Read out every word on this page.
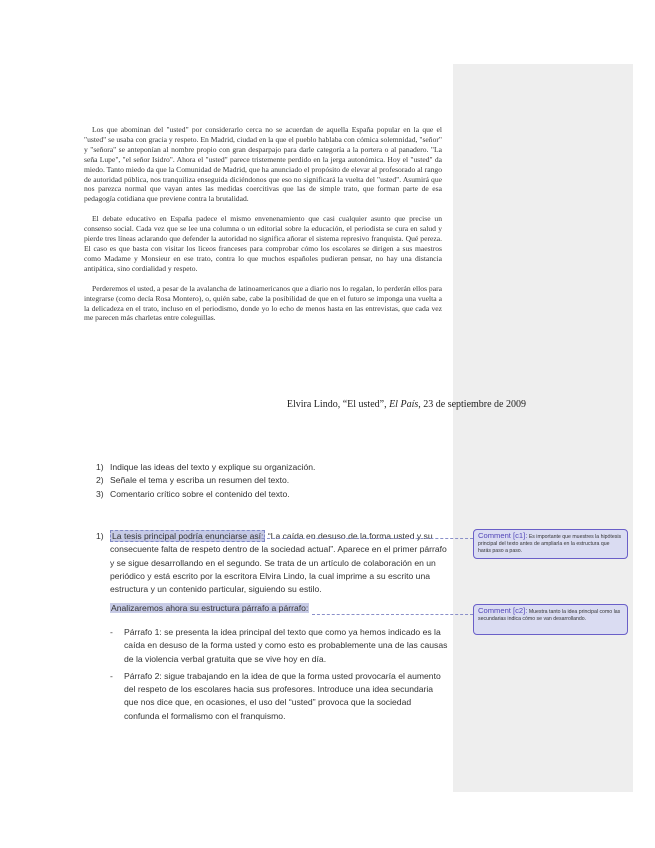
Los que abominan del "usted" por considerarlo cerca no se acuerdan de aquella España popular en la que el "usted" se usaba con gracia y respeto. En Madrid, ciudad en la que el pueblo hablaba con cómica solemnidad, "señor" y "señora" se anteponían al nombre propio con gran desparpajo para darle categoría a la portera o al panadero. "La seña Lupe", "el señor Isidro". Ahora el "usted" parece tristemente perdido en la jerga autonómica. Hoy el "usted" da miedo. Tanto miedo da que la Comunidad de Madrid, que ha anunciado el propósito de elevar al profesorado al rango de autoridad pública, nos tranquiliza enseguida diciéndonos que eso no significará la vuelta del "usted". Asumirá que nos parezca normal que vayan antes las medidas coercitivas que las de simple trato, que forman parte de esa pedagogía cotidiana que previene contra la brutalidad.

El debate educativo en España padece el mismo envenenamiento que casi cualquier asunto que precise un consenso social. Cada vez que se lee una columna o un editorial sobre la educación, el periodista se cura en salud y pierde tres líneas aclarando que defender la autoridad no significa añorar el sistema represivo franquista. Qué pereza. El caso es que basta con visitar los liceos franceses para comprobar cómo los escolares se dirigen a sus maestros como Madame y Monsieur en ese trato, contra lo que muchos españoles pudieran pensar, no hay una distancia antipática, sino cordialidad y respeto.

Perderemos el usted, a pesar de la avalancha de latinoamericanos que a diario nos lo regalan, lo perderán ellos para integrarse (como decía Rosa Montero), o, quién sabe, cabe la posibilidad de que en el futuro se imponga una vuelta a la delicadeza en el trato, incluso en el periodismo, donde yo lo echo de menos hasta en las entrevistas, que cada vez me parecen más charletas entre coleguillas.

Elvira Lindo, “El usted”, El País, 23 de septiembre de 2009
1) Indique las ideas del texto y explique su organización.
2) Señale el tema y escriba un resumen del texto.
3) Comentario crítico sobre el contenido del texto.
1) La tesis principal podría enunciarse así: “La caída en desuso de la forma usted y su consecuente falta de respeto dentro de la sociedad actual”. Aparece en el primer párrafo y se sigue desarrollando en el segundo. Se trata de un artículo de colaboración en un periódico y está escrito por la escritora Elvira Lindo, la cual imprime a su escrito una estructura y un contenido particular, siguiendo su estilo.
Analizaremos ahora su estructura párrafo a párrafo:
- Párrafo 1: se presenta la idea principal del texto que como ya hemos indicado es la caída en desuso de la forma usted y como esto es probablemente una de las causas de la violencia verbal gratuita que se vive hoy en día.
- Párrafo 2: sigue trabajando en la idea de que la forma usted provocaría el aumento del respeto de los escolares hacia sus profesores. Introduce una idea secundaria que nos dice que, en ocasiones, el uso del “usted” provoca que la sociedad confunda el formalismo con el franquismo.
Comment [c1]: Es importante que muestres la hipótesis principal del texto antes de ampliarla en la estructura que harás paso a paso.
Comment [c2]: Muestra tanto la idea principal como las secundarias indica cómo se van desarrollando.
